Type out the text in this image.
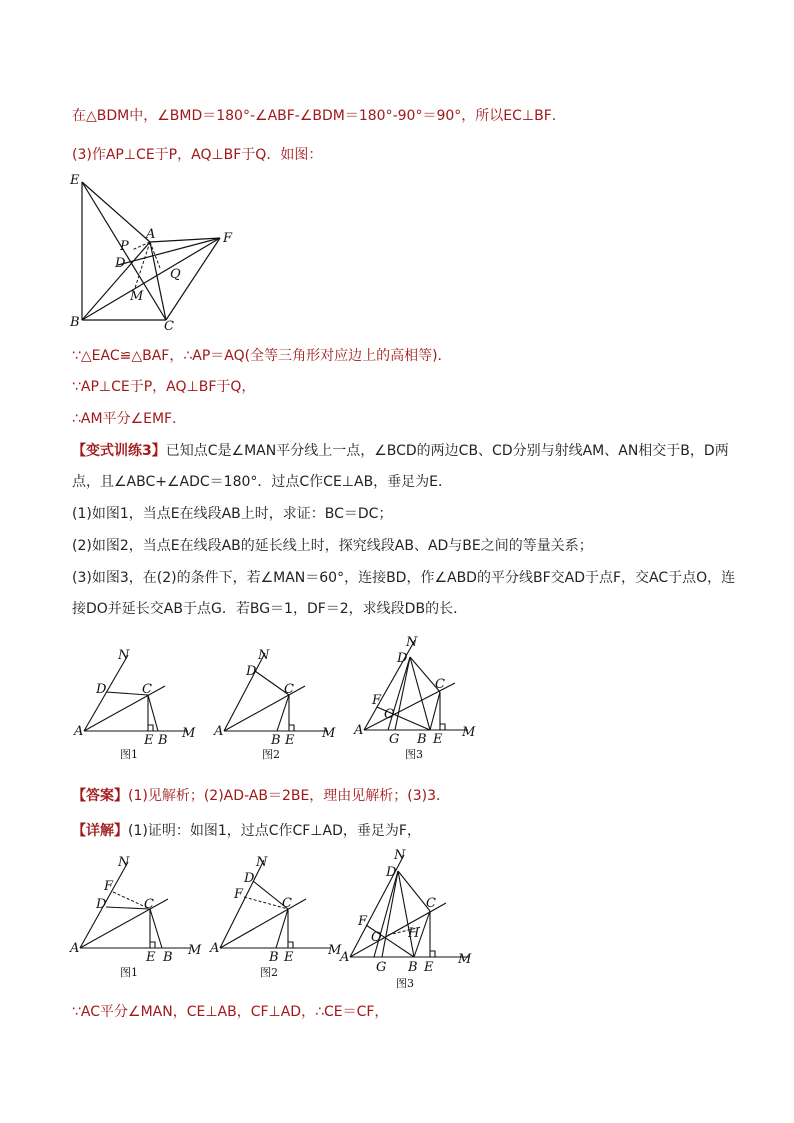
在△BDM中，∠BMD＝180°-∠ABF-∠BDM＝180°-90°＝90°，所以EC⊥BF．
(3)作AP⊥CE于P，AQ⊥BF于Q．如图：
E
A	F
P
D
Q
M
B	C
∵△EAC≌△BAF，∴AP＝AQ(全等三角形对应边上的高相等)．
∵AP⊥CE于P，AQ⊥BF于Q，
∴AM平分∠EMF．
【变式训练3】已知点C是∠MAN平分线上一点，∠BCD的两边CB、CD分别与射线AM、AN相交于B，D两
点，且∠ABC+∠ADC＝180°．过点C作CE⊥AB，垂足为E．
(1)如图1，当点E在线段AB上时，求证：BC＝DC；
(2)如图2，当点E在线段AB的延长线上时，探究线段AB、AD与BE之间的等量关系；
(3)如图3，在(2)的条件下，若∠MAN＝60°，连接BD，作∠ABD的平分线BF交AD于点F，交AC于点O，连
接DO并延长交AB于点G．若BG＝1，DF＝2，求线段DB的长．
N
D	C
A
E B M
图1
N
D
C
A
B E M
图2
N
D
C
F
O
A
G B E M
图3
【答案】(1)见解析；(2)AD-AB＝2BE，理由见解析；(3)3．
【详解】(1)证明：如图1，过点C作CF⊥AD，垂足为F，
N
F
D	C
A
E B M
图1
N
D
F
C
A
B E	M
图2
N
D
C
F
O H
A
G B E
M
图3
∵AC平分∠MAN，CE⊥AB，CF⊥AD，∴CE＝CF，
